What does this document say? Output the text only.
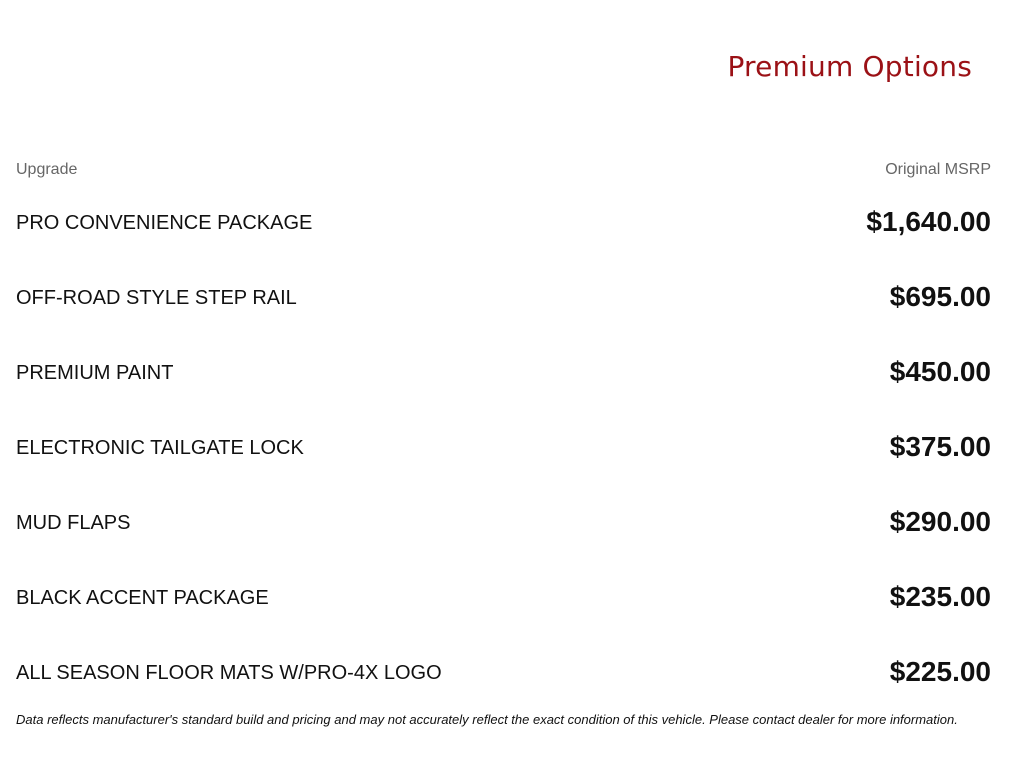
Premium Options
Upgrade	Original MSRP
PRO CONVENIENCE PACKAGE	$1,640.00
OFF-ROAD STYLE STEP RAIL	$695.00
PREMIUM PAINT	$450.00
ELECTRONIC TAILGATE LOCK	$375.00
MUD FLAPS	$290.00
BLACK ACCENT PACKAGE	$235.00
ALL SEASON FLOOR MATS W/PRO-4X LOGO	$225.00
Data reflects manufacturer's standard build and pricing and may not accurately reflect the exact condition of this vehicle. Please contact dealer for more information.
